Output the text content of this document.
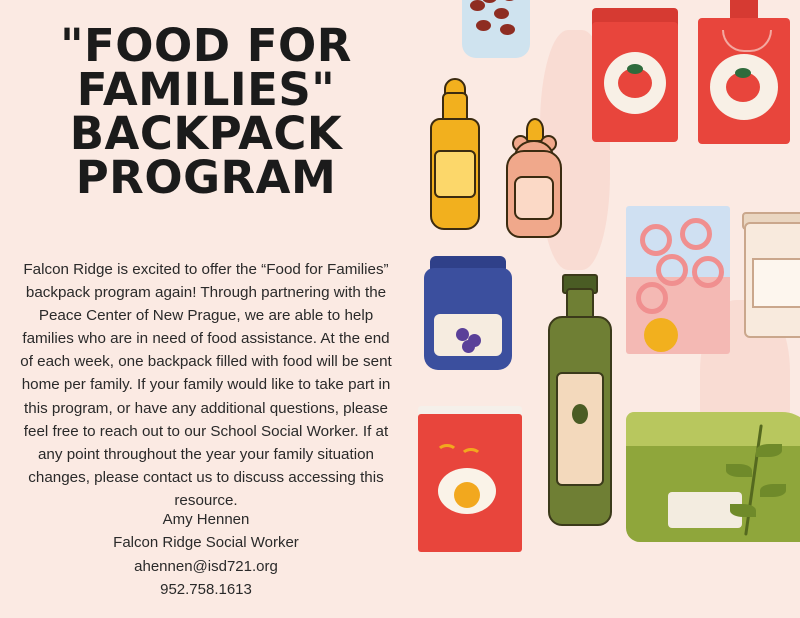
"FOOD FOR
FAMILIES"
BACKPACK
PROGRAM
Falcon Ridge is excited to offer the “Food for Families” backpack program again! Through partnering with the Peace Center of New Prague, we are able to help families who are in need of food assistance. At the end of each week, one backpack filled with food will be sent home per family. If your family would like to take part in this program, or have any additional questions, please feel free to reach out to our School Social Worker. If at any point throughout the year your family situation changes, please contact us to discuss accessing this resource.
Amy Hennen
Falcon Ridge Social Worker
ahennen@isd721.org
952.758.1613
